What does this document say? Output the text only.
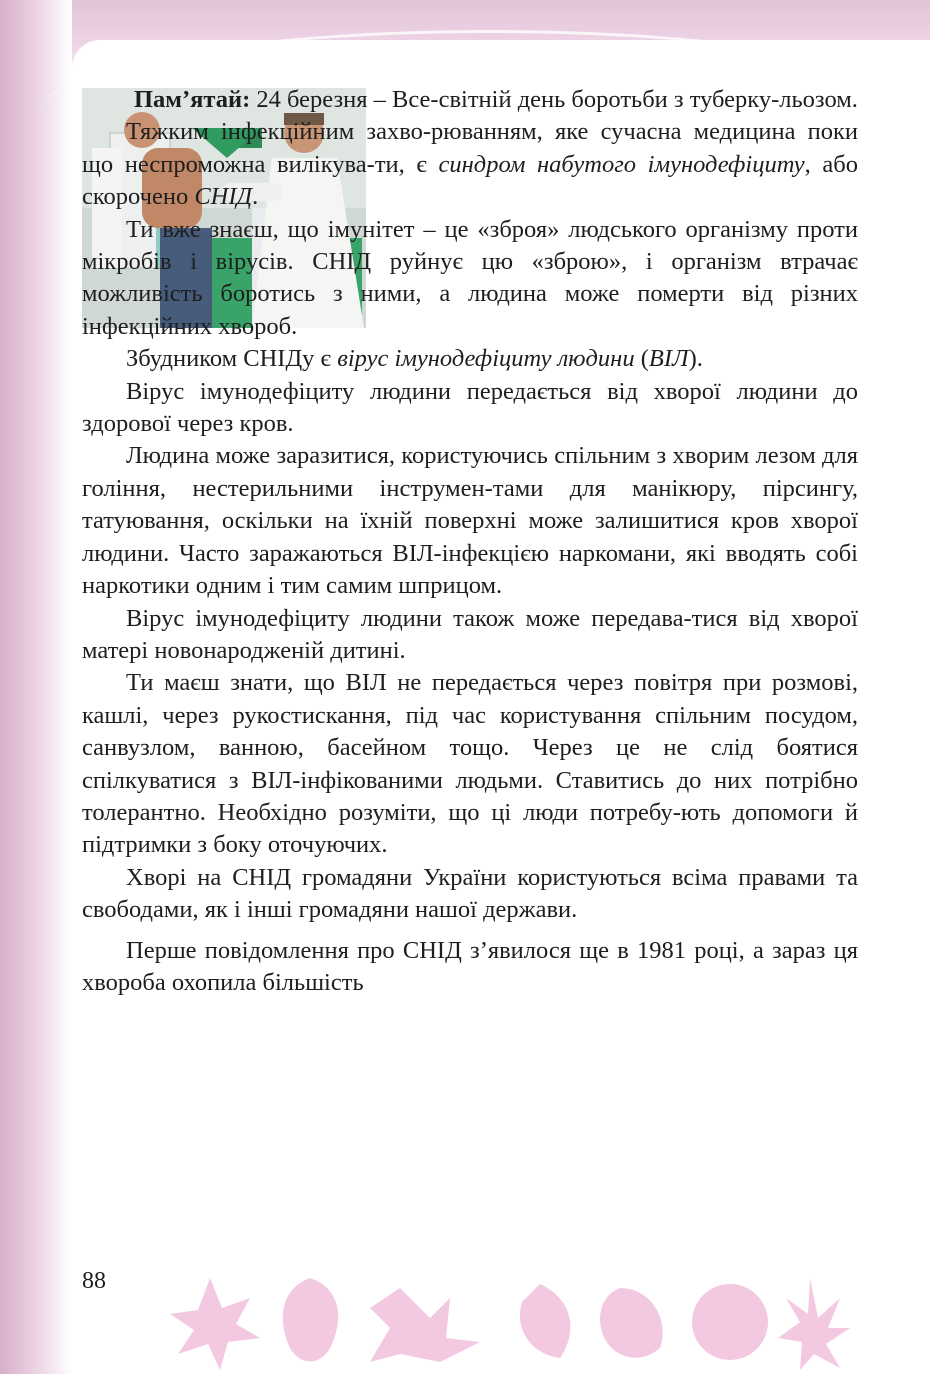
Пам’ятай: 24 березня – Все-світній день боротьби з туберку-льозом.

Тяжким інфекційним захво-рюванням, яке сучасна медицина поки що неспроможна вилікува-ти, є синдром набутого імунодефіциту, або скорочено СНІД.

Ти вже знаєш, що імунітет – це «зброя» людського організму проти мікробів і вірусів. СНІД руйнує цю «зброю», і організм втрачає можливість боротись з ними, а людина може померти від різних інфекційних хвороб.

Збудником СНІДу є вірус імунодефіциту людини (ВІЛ).

Вірус імунодефіциту людини передається від хворої людини до здорової через кров.

Людина може заразитися, користуючись спільним з хворим лезом для гоління, нестерильними інструмен-тами для манікюру, пірсингу, татуювання, оскільки на їхній поверхні може залишитися кров хворої людини. Часто заражаються ВІЛ-інфекцією наркомани, які вводять собі наркотики одним і тим самим шприцом.

Вірус імунодефіциту людини також може передава-тися від хворої матері новонародженій дитині.

Ти маєш знати, що ВІЛ не передається через повітря при розмові, кашлі, через рукостискання, під час користування спільним посудом, санвузлом, ванною, басейном тощо. Через це не слід боятися спілкуватися з ВІЛ-інфікованими людьми. Ставитись до них потрібно толерантно. Необхідно розуміти, що ці люди потребу-ють допомоги й підтримки з боку оточуючих.

Хворі на СНІД громадяни України користуються всіма правами та свободами, як і інші громадяни нашої держави.

Перше повідомлення про СНІД з’явилося ще в 1981 році, а зараз ця хвороба охопила більшість

88
